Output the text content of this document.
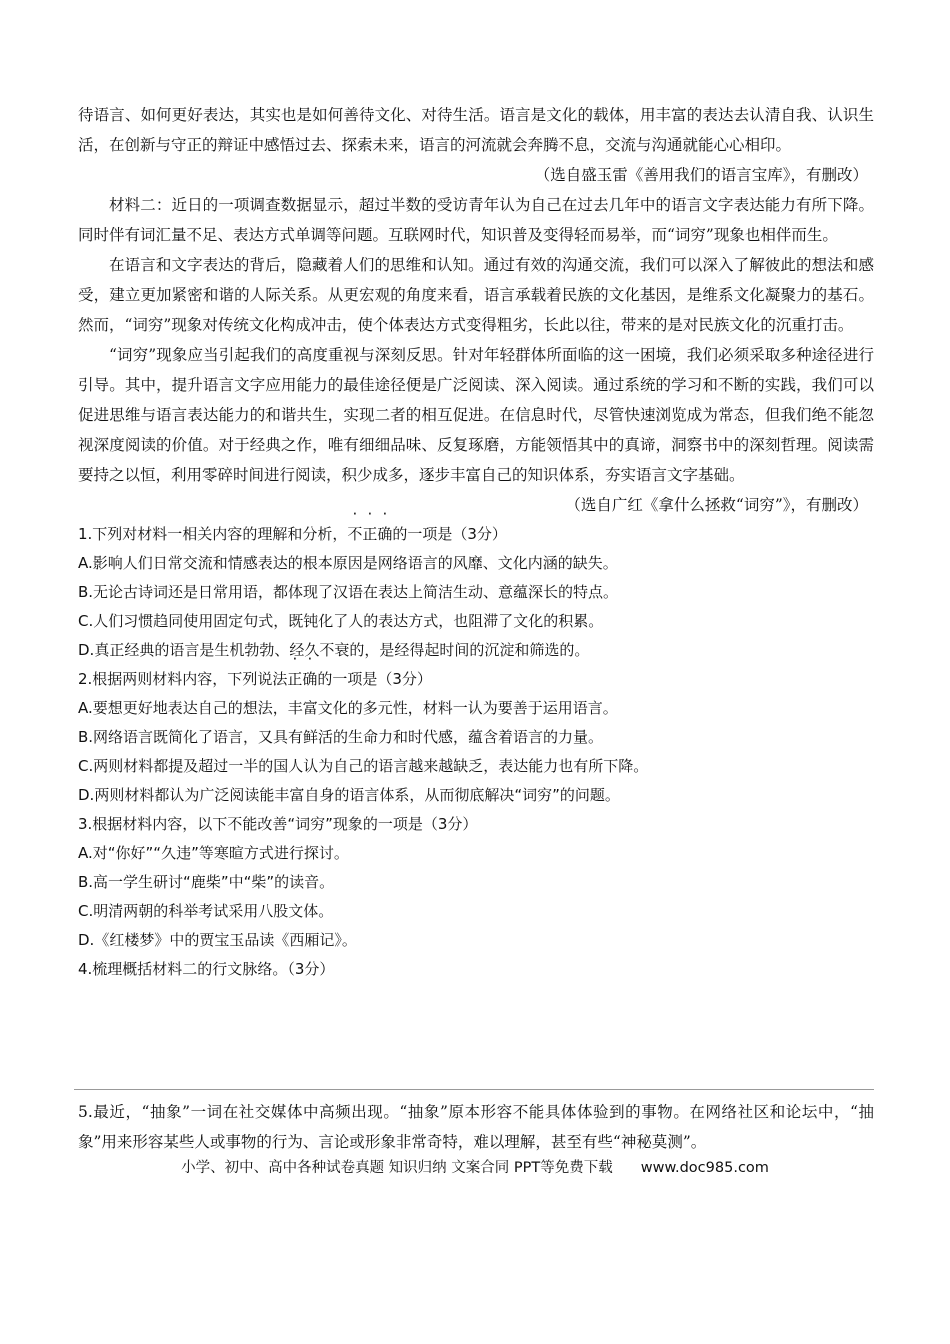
待语言、如何更好表达，其实也是如何善待文化、对待生活。语言是文化的载体，用丰富的表达去认清自我、认识生活，在创新与守正的辩证中感悟过去、探索未来，语言的河流就会奔腾不息，交流与沟通就能心心相印。

（选自盛玉雷《善用我们的语言宝库》，有删改）

材料二：近日的一项调查数据显示，超过半数的受访青年认为自己在过去几年中的语言文字表达能力有所下降。同时伴有词汇量不足、表达方式单调等问题。互联网时代，知识普及变得轻而易举，而“词穷”现象也相伴而生。

在语言和文字表达的背后，隐藏着人们的思维和认知。通过有效的沟通交流，我们可以深入了解彼此的想法和感受，建立更加紧密和谐的人际关系。从更宏观的角度来看，语言承载着民族的文化基因，是维系文化凝聚力的基石。然而，“词穷”现象对传统文化构成冲击，使个体表达方式变得粗劣，长此以往，带来的是对民族文化的沉重打击。

“词穷”现象应当引起我们的高度重视与深刻反思。针对年轻群体所面临的这一困境，我们必须采取多种途径进行引导。其中，提升语言文字应用能力的最佳途径便是广泛阅读、深入阅读。通过系统的学习和不断的实践，我们可以促进思维与语言表达能力的和谐共生，实现二者的相互促进。在信息时代，尽管快速浏览成为常态，但我们绝不能忽视深度阅读的价值。对于经典之作，唯有细细品味、反复琢磨，方能领悟其中的真谛，洞察书中的深刻哲理。阅读需要持之以恒，利用零碎时间进行阅读，积少成多，逐步丰富自己的知识体系，夯实语言文字基础。

（选自广红《拿什么拯救“词穷”》，有删改）

1.下列对材料一相关内容的理解和分析，不正确的一项是（3分）

A.影响人们日常交流和情感表达的根本原因是网络语言的风靡、文化内涵的缺失。

B.无论古诗词还是日常用语，都体现了汉语在表达上简洁生动、意蕴深长的特点。

C.人们习惯趋同使用固定句式，既钝化了人的表达方式，也阻滞了文化的积累。

D.真正经典的语言是生机勃勃、经久不衰的，是经得起时间的沉淀和筛选的。

2.根据两则材料内容，下列说法正确的一项是（3分）

A.要想更好地表达自己的想法，丰富文化的多元性，材料一认为要善于运用语言。

B.网络语言既简化了语言，又具有鲜活的生命力和时代感，蕴含着语言的力量。

C.两则材料都提及超过一半的国人认为自己的语言越来越缺乏，表达能力也有所下降。

D.两则材料都认为广泛阅读能丰富自身的语言体系，从而彻底解决“词穷”的问题。

3.根据材料内容，以下不能改善“词穷”现象的一项是（3分）

A.对“你好”“久违”等寒暄方式进行探讨。

B.高一学生研讨“鹿柴”中“柴”的读音。

C.明清两朝的科举考试采用八股文体。

D.《红楼梦》中的贾宝玉品读《西厢记》。

4.梳理概括材料二的行文脉络。（3分）

5.最近，“抽象”一词在社交媒体中高频出现。“抽象”原本形容不能具体体验到的事物。在网络社区和论坛中，“抽象”用来形容某些人或事物的行为、言论或形象非常奇特，难以理解，甚至有些“神秘莫测”。

小学、初中、高中各种试卷真题 知识归纳 文案合同 PPT等免费下载 www.doc985.com
